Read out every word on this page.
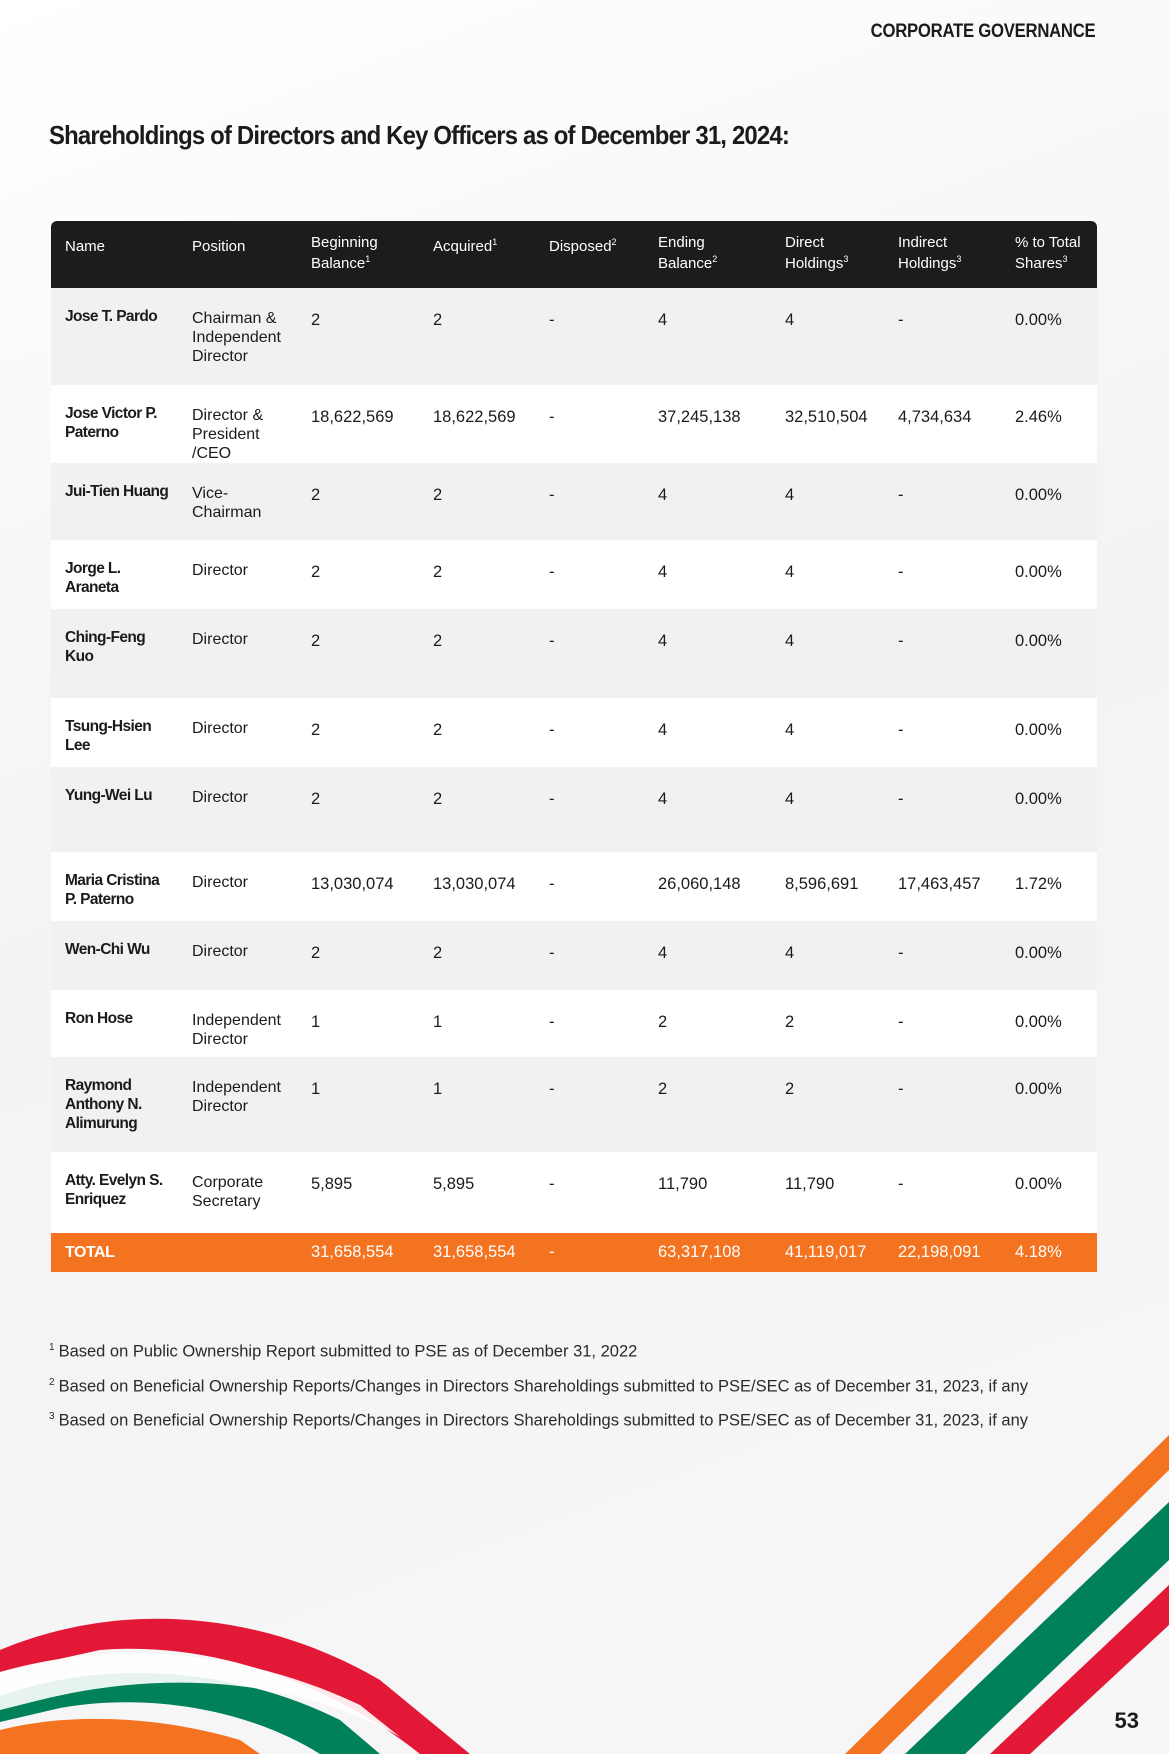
CORPORATE GOVERNANCE
Shareholdings of Directors and Key Officers as of December 31, 2024:
Name	Position	Beginning Balance$^1$	Acquired$^1$	Disposed$^2$	Ending Balance$^2$	Direct Holdings$^3$	Indirect Holdings$^3$	% to Total Shares$^3$
Jose T. Pardo	Chairman & Independent Director	2	2	-	4	4	-	0.00%
Jose Victor P. Paterno	Director & President /CEO	18,622,569	18,622,569	-	37,245,138	32,510,504	4,734,634	2.46%
Jui-Tien Huang	Vice-Chairman	2	2	-	4	4	-	0.00%
Jorge L. Araneta	Director	2	2	-	4	4	-	0.00%
Ching-Feng Kuo	Director	2	2	-	4	4	-	0.00%
Tsung-Hsien Lee	Director	2	2	-	4	4	-	0.00%
Yung-Wei Lu	Director	2	2	-	4	4	-	0.00%
Maria Cristina P. Paterno	Director	13,030,074	13,030,074	-	26,060,148	8,596,691	17,463,457	1.72%
Wen-Chi Wu	Director	2	2	-	4	4	-	0.00%
Ron Hose	Independent Director	1	1	-	2	2	-	0.00%
Raymond Anthony N. Alimurung	Independent Director	1	1	-	2	2	-	0.00%
Atty. Evelyn S. Enriquez	Corporate Secretary	5,895	5,895	-	11,790	11,790	-	0.00%
TOTAL		31,658,554	31,658,554	-	63,317,108	41,119,017	22,198,091	4.18%

$^1$ Based on Public Ownership Report submitted to PSE as of December 31, 2022

$^2$ Based on Beneficial Ownership Reports/Changes in Directors Shareholdings submitted to PSE/SEC as of December 31, 2023, if any

$^3$ Based on Beneficial Ownership Reports/Changes in Directors Shareholdings submitted to PSE/SEC as of December 31, 2023, if any

53
